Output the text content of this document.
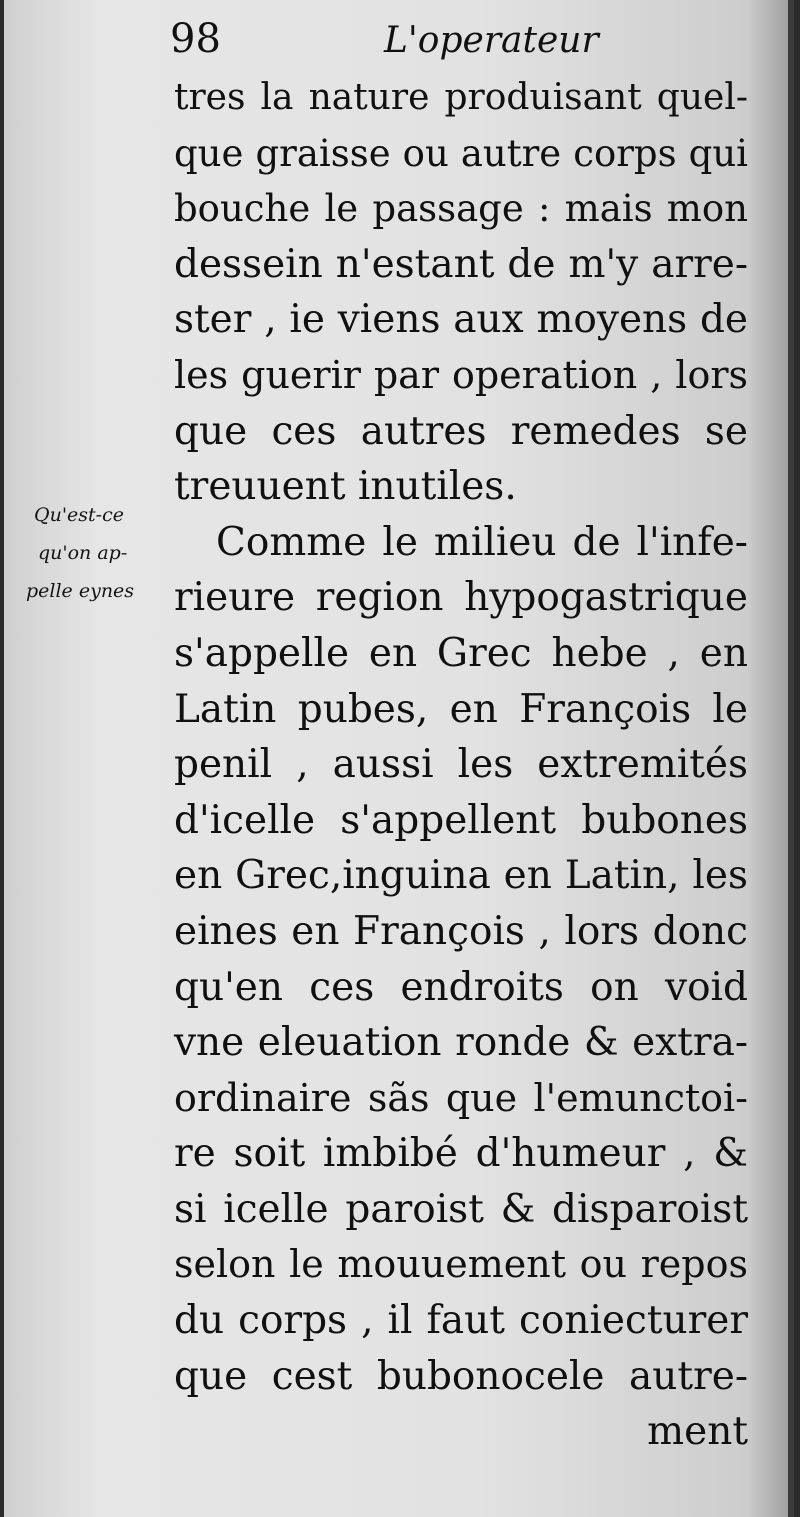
98	L'operateur
Qu'est-ce
qu'on ap-
pelle eynes
tres la nature produisant quel-
que graisse ou autre corps qui
bouche le passage : mais mon
dessein n'estant de m'y arre-
ster , ie viens aux moyens de
les guerir par operation , lors
que ces autres remedes se
treuuent inutiles.
Comme le milieu de l'infe-
rieure region hypogastrique
s'appelle en Grec hebe , en
Latin pubes, en François le
penil , aussi les extremités
d'icelle s'appellent bubones
en Grec,inguina en Latin, les
eines en François , lors donc
qu'en ces endroits on void
vne eleuation ronde & extra-
ordinaire sãs que l'emunctoi-
re soit imbibé d'humeur , &
si icelle paroist & disparoist
selon le mouuement ou repos
du corps , il faut coniecturer
que cest bubonocele autre-
ment
